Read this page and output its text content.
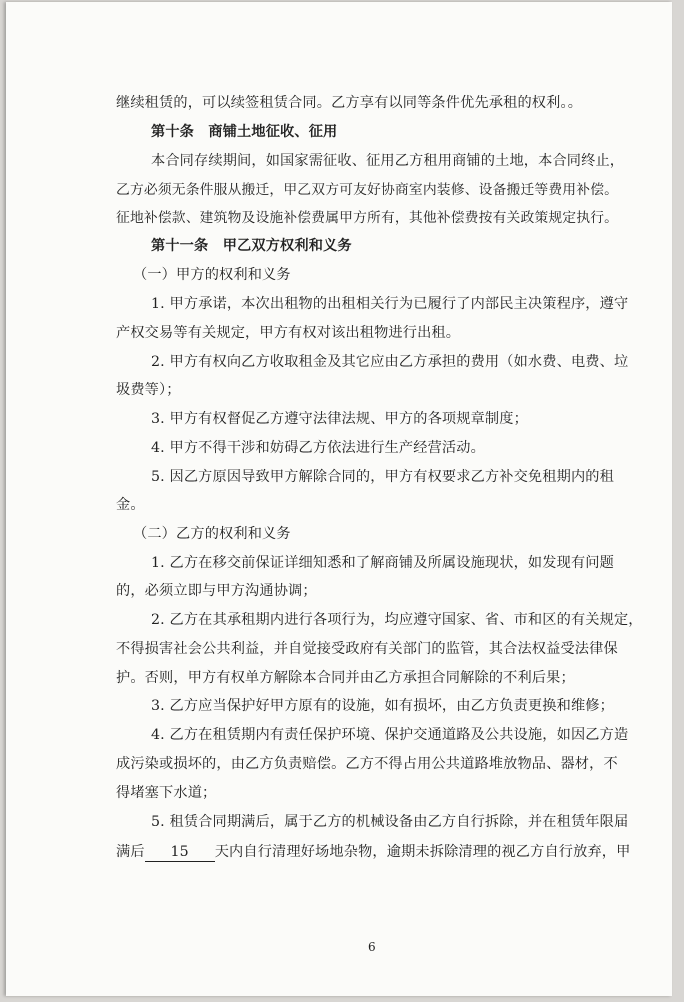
继续租赁的，可以续签租赁合同。乙方享有以同等条件优先承租的权利。。
第十条　商铺土地征收、征用
本合同存续期间，如国家需征收、征用乙方租用商铺的土地，本合同终止，
乙方必须无条件服从搬迁，甲乙双方可友好协商室内装修、设备搬迁等费用补偿。
征地补偿款、建筑物及设施补偿费属甲方所有，其他补偿费按有关政策规定执行。
第十一条　甲乙双方权利和义务
（一）甲方的权利和义务
1. 甲方承诺，本次出租物的出租相关行为已履行了内部民主决策程序，遵守
产权交易等有关规定，甲方有权对该出租物进行出租。
2. 甲方有权向乙方收取租金及其它应由乙方承担的费用（如水费、电费、垃
圾费等）；
3. 甲方有权督促乙方遵守法律法规、甲方的各项规章制度；
4. 甲方不得干涉和妨碍乙方依法进行生产经营活动。
5. 因乙方原因导致甲方解除合同的，甲方有权要求乙方补交免租期内的租
金。
（二）乙方的权利和义务
1. 乙方在移交前保证详细知悉和了解商铺及所属设施现状，如发现有问题
的，必须立即与甲方沟通协调；
2. 乙方在其承租期内进行各项行为，均应遵守国家、省、市和区的有关规定，
不得损害社会公共利益，并自觉接受政府有关部门的监管，其合法权益受法律保
护。否则，甲方有权单方解除本合同并由乙方承担合同解除的不利后果；
3. 乙方应当保护好甲方原有的设施，如有损坏，由乙方负责更换和维修；
4. 乙方在租赁期内有责任保护环境、保护交通道路及公共设施，如因乙方造
成污染或损坏的，由乙方负责赔偿。乙方不得占用公共道路堆放物品、器材，不
得堵塞下水道；
5. 租赁合同期满后，属于乙方的机械设备由乙方自行拆除，并在租赁年限届
满后 15 天内自行清理好场地杂物，逾期未拆除清理的视乙方自行放弃，甲
6
